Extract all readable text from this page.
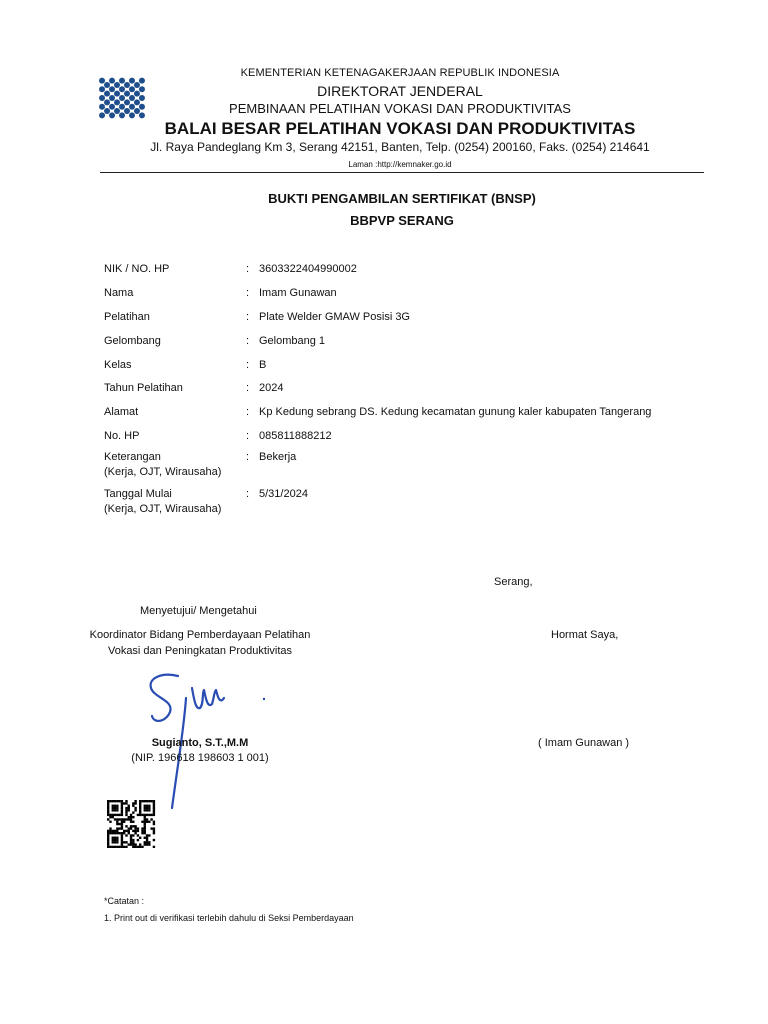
KEMENTERIAN KETENAGAKERJAAN REPUBLIK INDONESIA
DIREKTORAT JENDERAL
PEMBINAAN PELATIHAN VOKASI DAN PRODUKTIVITAS
BALAI BESAR PELATIHAN VOKASI DAN PRODUKTIVITAS
Jl. Raya Pandeglang Km 3, Serang 42151, Banten, Telp. (0254) 200160, Faks. (0254) 214641
Laman :http://kemnaker.go.id
BUKTI PENGAMBILAN SERTIFIKAT (BNSP)
BBPVP SERANG
NIK / NO. HP	: 3603322404990002
Nama	: Imam Gunawan
Pelatihan	: Plate Welder GMAW Posisi 3G
Gelombang	: Gelombang 1
Kelas	: B
Tahun Pelatihan	: 2024
Alamat	: Kp Kedung sebrang DS. Kedung kecamatan gunung kaler kabupaten Tangerang
No. HP	: 085811888212
Keterangan	: Bekerja
(Kerja, OJT, Wirausaha)
Tanggal Mulai	: 5/31/2024
(Kerja, OJT, Wirausaha)
Serang,
Menyetujui/ Mengetahui
Koordinator Bidang Pemberdayaan Pelatihan
Vokasi dan Peningkatan Produktivitas
Hormat Saya,
Sugianto, S.T.,M.M
(NIP. 196618 198603 1 001)
( Imam Gunawan )
*Catatan :
1. Print out di verifikasi terlebih dahulu di Seksi Pemberdayaan
